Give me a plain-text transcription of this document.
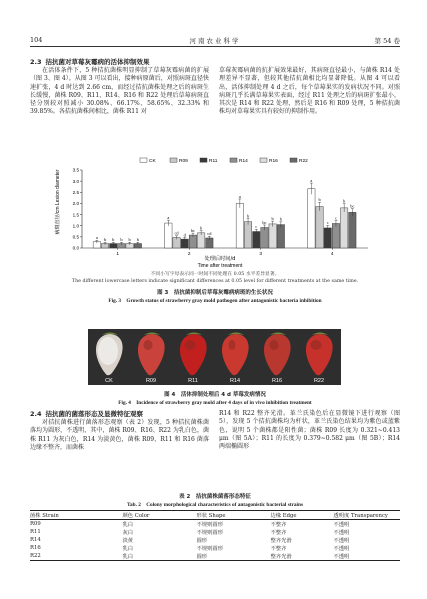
104	河南农业科学	第 54 卷
2.3 拮抗菌对草莓灰霉病的活体抑制效果

在活体条件下，5 种拮抗菌株明显抑制了草莓灰霉病菌的扩展（图 3、图 4）。从图 3 可以看出，接种病原菌后，对照病斑直径快速扩张，4 d 时达到 2.66 cm，而经过拮抗菌株处理之后的病斑生长缓慢，菌株 R09、R11、R14、R16 和 R22 处理后草莓病斑直径分别较对照减小 30.08%、66.17%、58.65%、32.33% 和 39.85%。各拮抗菌株间相比，菌株 R11 对

草莓灰霉病菌的抗扩展效果最好，其病斑直径最小，与菌株 R14 处理差异不显著，但较其他拮抗菌相比均显著降低。从图 4 可以看出，活体抑制处理 4 d 之后，每个草莓果实的发病状况不同。对照病斑几乎长满草莓果实表面，经过 R11 处理之后的病斑扩张最小，其次是 R14 和 R22 处理，然后是 R16 和 R09 处理，5 种拮抗菌株均对草莓果实具有较好的抑制作用。

CK	R09	R11	R14	R16	R22
0.0
0.5
1.0
1.5
2.0
2.5
3.0
3.5
1	2	3	4
a b b b b b
a
cd d
bc b
cd
a
b
c
bc
b b
a
b
c
c
b
bc
病斑直径/cm Lesion diameter
处理后时间/d
Time after treatment
不同小写字母表示同一时间不同处理在 0.05 水平差异显著。
The different lowercase letters indicate significant differences at 0.05 level for different treatments at the same time.
图 3　拮抗菌抑制后草莓灰霉病病斑的生长状况
Fig. 3　Growth status of strawberry gray mold pathogen after antagonistic bacteria inhibition
CK	R09	R11	R14	R16	R22
图 4　活体抑制处理后 4 d 草莓发病情况
Fig. 4　Incidence of strawberry gray mold after 4 days of in vivo inhibition treatment
2.4 拮抗菌的菌落形态及显微特征观察

对拮抗菌株进行菌落形态观察（表 2）发现，5 种拮抗菌株菌落均为圆形，不透明，其中，菌株 R09、R16、R22 为乳白色，菌株 R11 为灰白色，R14 为淡黄色，菌株 R09、R11 和 R16 菌落边缘不整齐，而菌株

R14 和 R22 整齐光滑。革兰氏染色后在显微镜下进行观察（图 5），发现 5 个拮抗菌株均为杆状，革兰氏染色结果均为紫色或蓝紫色，说明 5 个菌株都是阳性菌；菌株 R09 长度为 0.321~0.413 μm（图 5A）；R11 的长度为 0.379~0.582 μm（图 5B）；R14 两端椭圆形

表 2　拮抗菌株菌落形态特征
Tab. 2　Colony morphological characteristics of antagonistic bacterial strains
菌株 Strain	颜色 Color	形状 Shape	边缘 Edge	透明度 Transparency
R09	乳白	不规则圆形	不整齐	不透明
R11	灰白	不规则圆形	不整齐	不透明
R14	淡黄	圆形	整齐光滑	不透明
R16	乳白	不规则圆形	不整齐	不透明
R22	乳白	圆形	整齐光滑	不透明
